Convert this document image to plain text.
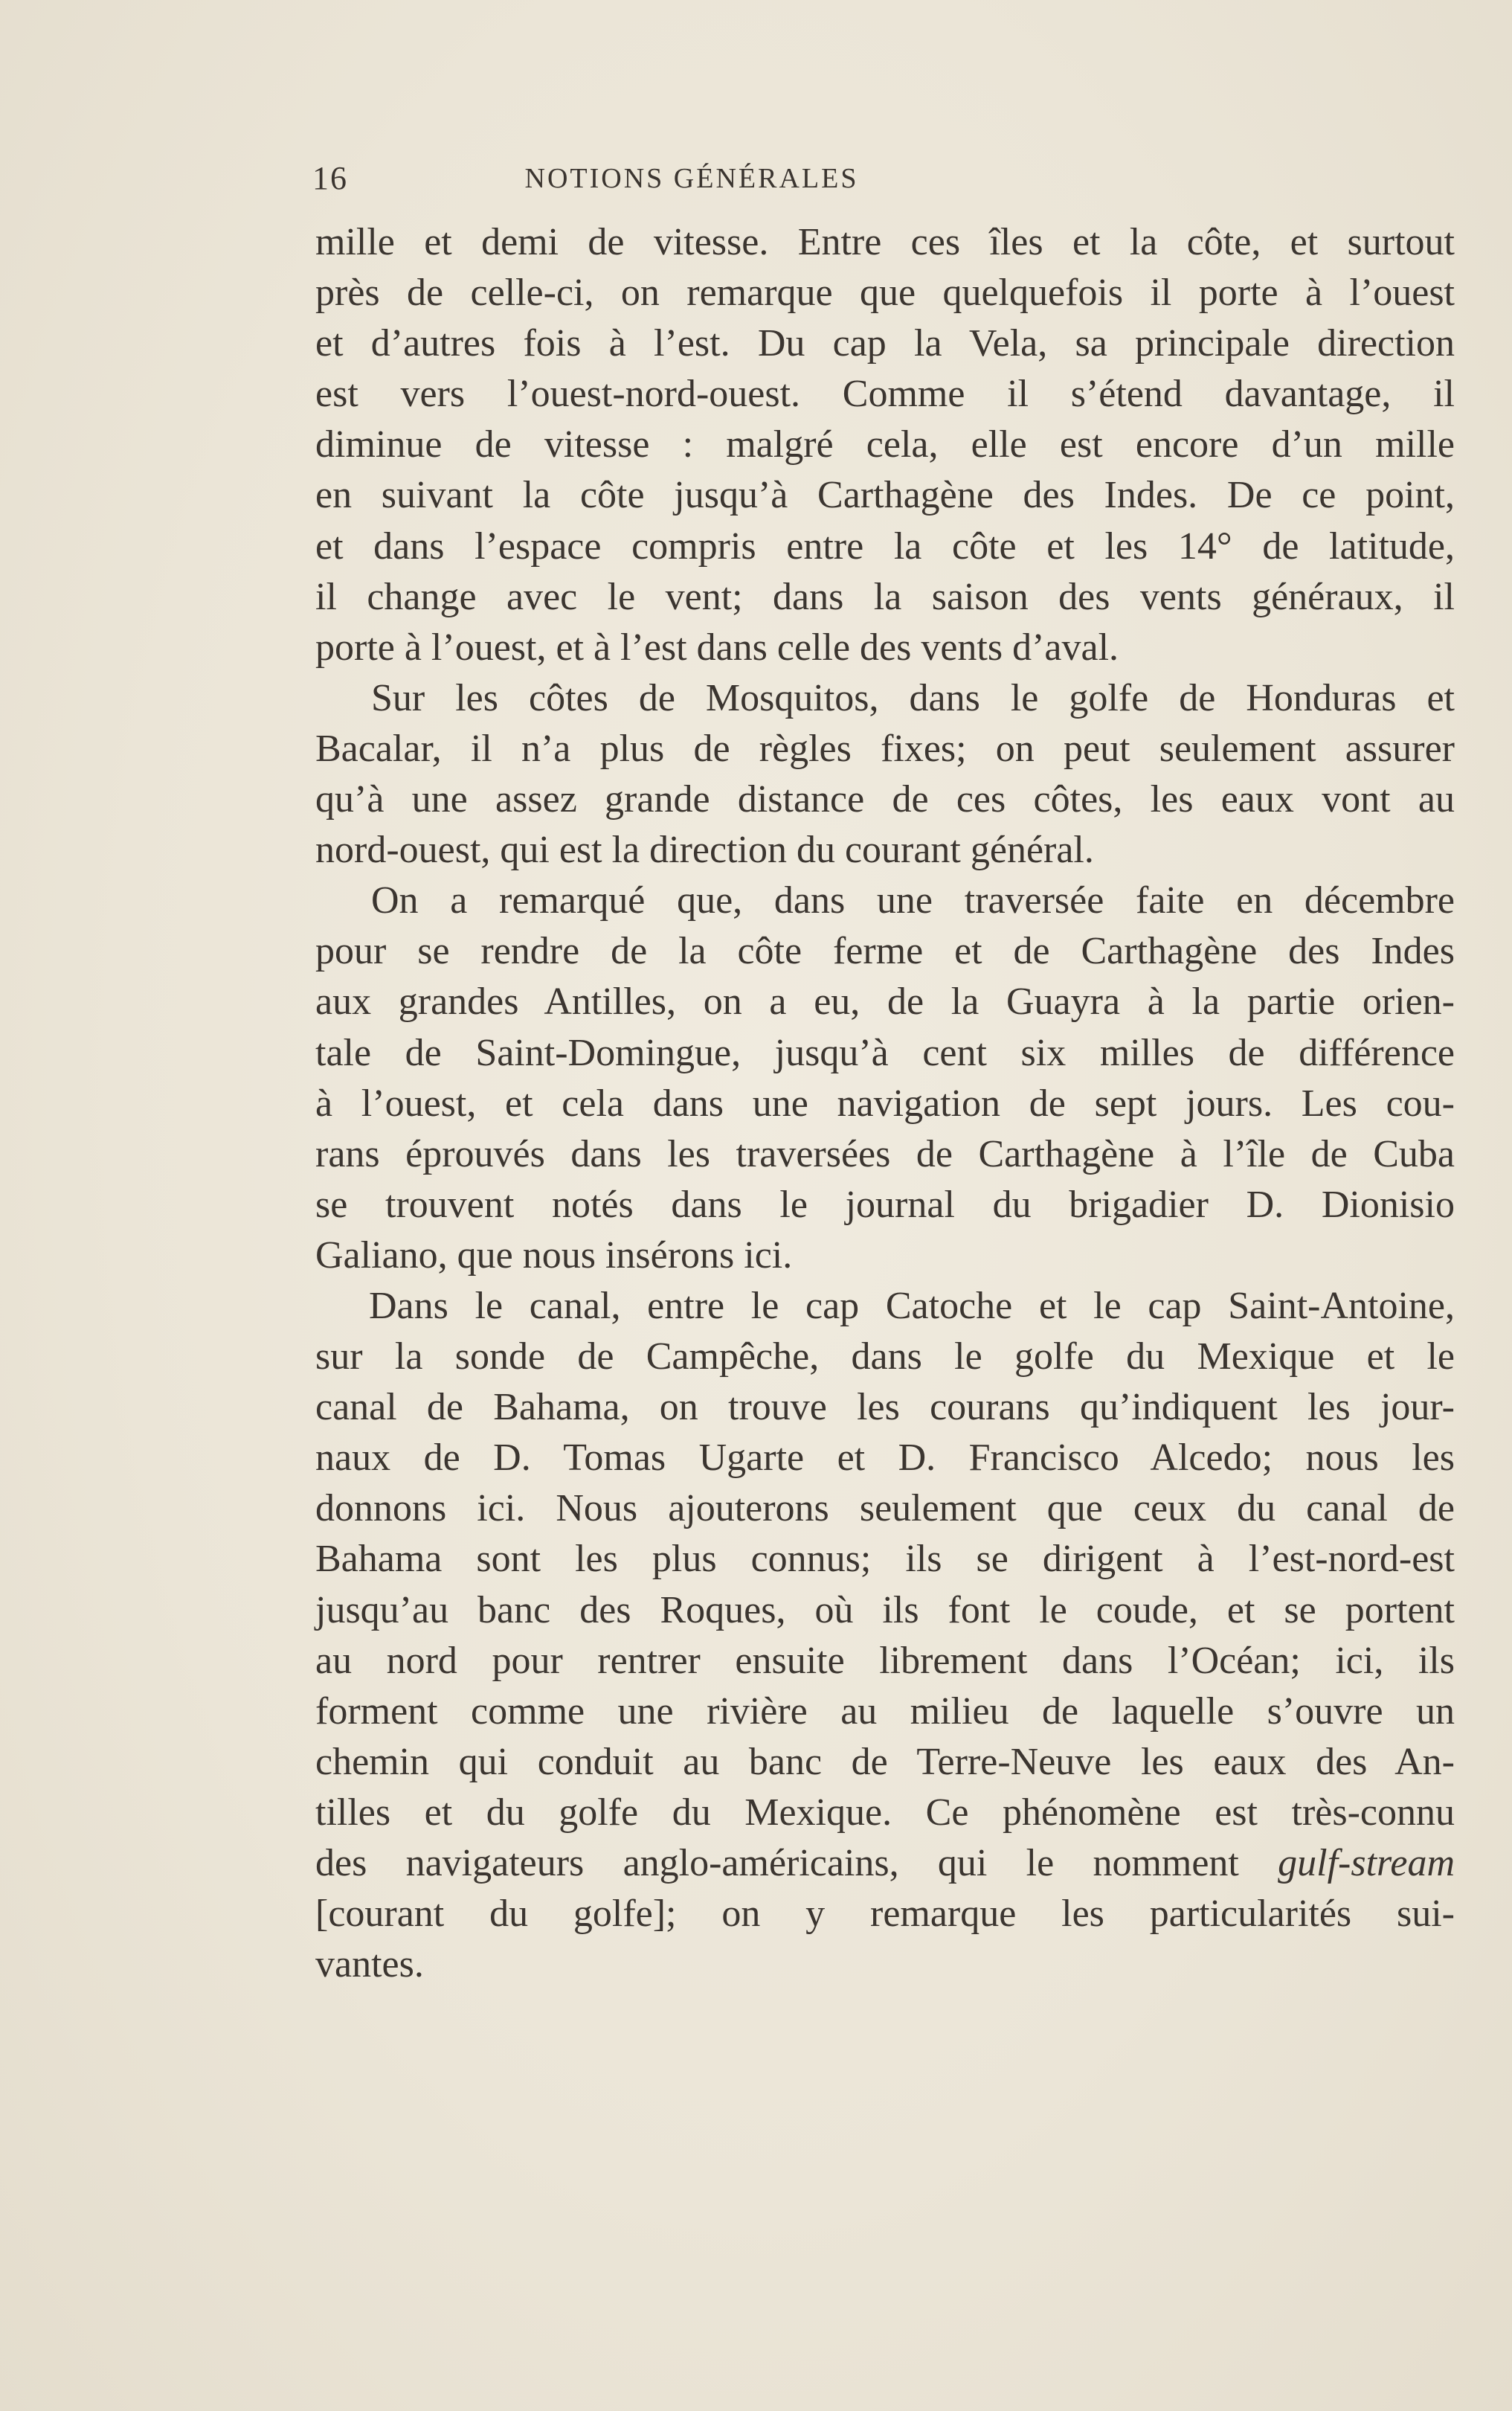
16	NOTIONS GÉNÉRALES
mille et demi de vitesse. Entre ces îles et la côte, et surtout
près de celle-ci, on remarque que quelquefois il porte à l’ouest
et d’autres fois à l’est. Du cap la Vela, sa principale direction
est vers l’ouest-nord-ouest. Comme il s’étend davantage, il
diminue de vitesse : malgré cela, elle est encore d’un mille
en suivant la côte jusqu’à Carthagène des Indes. De ce point,
et dans l’espace compris entre la côte et les 14° de latitude,
il change avec le vent; dans la saison des vents généraux, il
porte à l’ouest, et à l’est dans celle des vents d’aval.
Sur les côtes de Mosquitos, dans le golfe de Honduras et
Bacalar, il n’a plus de règles fixes; on peut seulement assurer
qu’à une assez grande distance de ces côtes, les eaux vont au
nord-ouest, qui est la direction du courant général.
On a remarqué que, dans une traversée faite en décembre
pour se rendre de la côte ferme et de Carthagène des Indes
aux grandes Antilles, on a eu, de la Guayra à la partie orien-
tale de Saint-Domingue, jusqu’à cent six milles de différence
à l’ouest, et cela dans une navigation de sept jours. Les cou-
rans éprouvés dans les traversées de Carthagène à l’île de Cuba
se trouvent notés dans le journal du brigadier D. Dionisio
Galiano, que nous insérons ici.
Dans le canal, entre le cap Catoche et le cap Saint-Antoine,
sur la sonde de Campêche, dans le golfe du Mexique et le
canal de Bahama, on trouve les courans qu’indiquent les jour-
naux de D. Tomas Ugarte et D. Francisco Alcedo; nous les
donnons ici. Nous ajouterons seulement que ceux du canal de
Bahama sont les plus connus; ils se dirigent à l’est-nord-est
jusqu’au banc des Roques, où ils font le coude, et se portent
au nord pour rentrer ensuite librement dans l’Océan; ici, ils
forment comme une rivière au milieu de laquelle s’ouvre un
chemin qui conduit au banc de Terre-Neuve les eaux des An-
tilles et du golfe du Mexique. Ce phénomène est très-connu
des navigateurs anglo-américains, qui le nomment gulf-stream
[courant du golfe]; on y remarque les particularités sui-
vantes.
